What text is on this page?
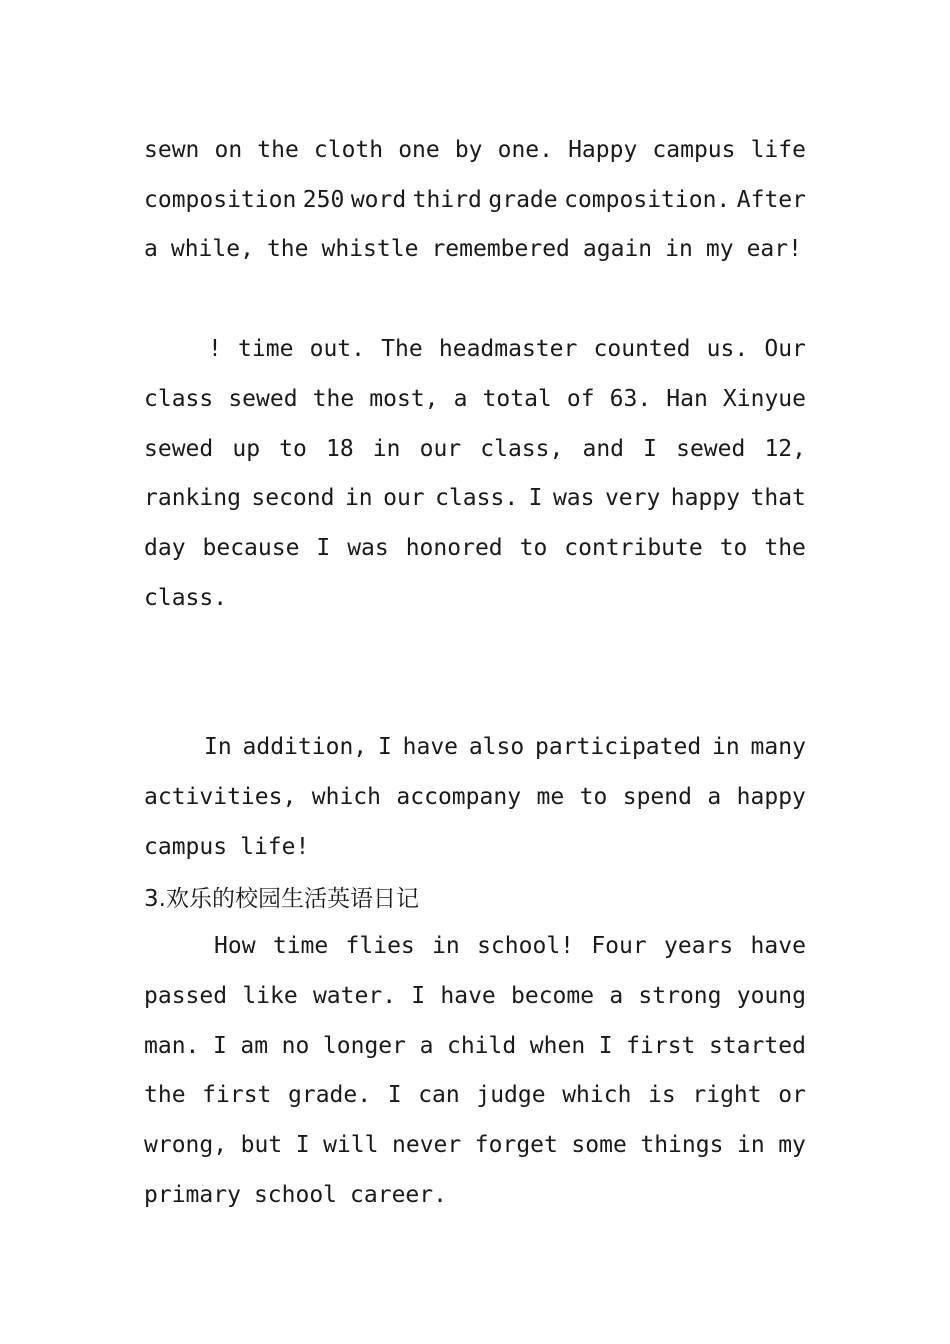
sewn on the cloth one by one. Happy campus life
composition 250 word third grade composition. After
a while, the whistle remembered again in my ear!
! time out. The headmaster counted us. Our
class sewed the most, a total of 63. Han Xinyue
sewed up to 18 in our class, and I sewed 12,
ranking second in our class. I was very happy that
day because I was honored to contribute to the
class.
In addition, I have also participated in many
activities, which accompany me to spend a happy
campus life!
3.欢乐的校园生活英语日记
How time flies in school! Four years have
passed like water. I have become a strong young
man. I am no longer a child when I first started
the first grade. I can judge which is right or
wrong, but I will never forget some things in my
primary school career.
